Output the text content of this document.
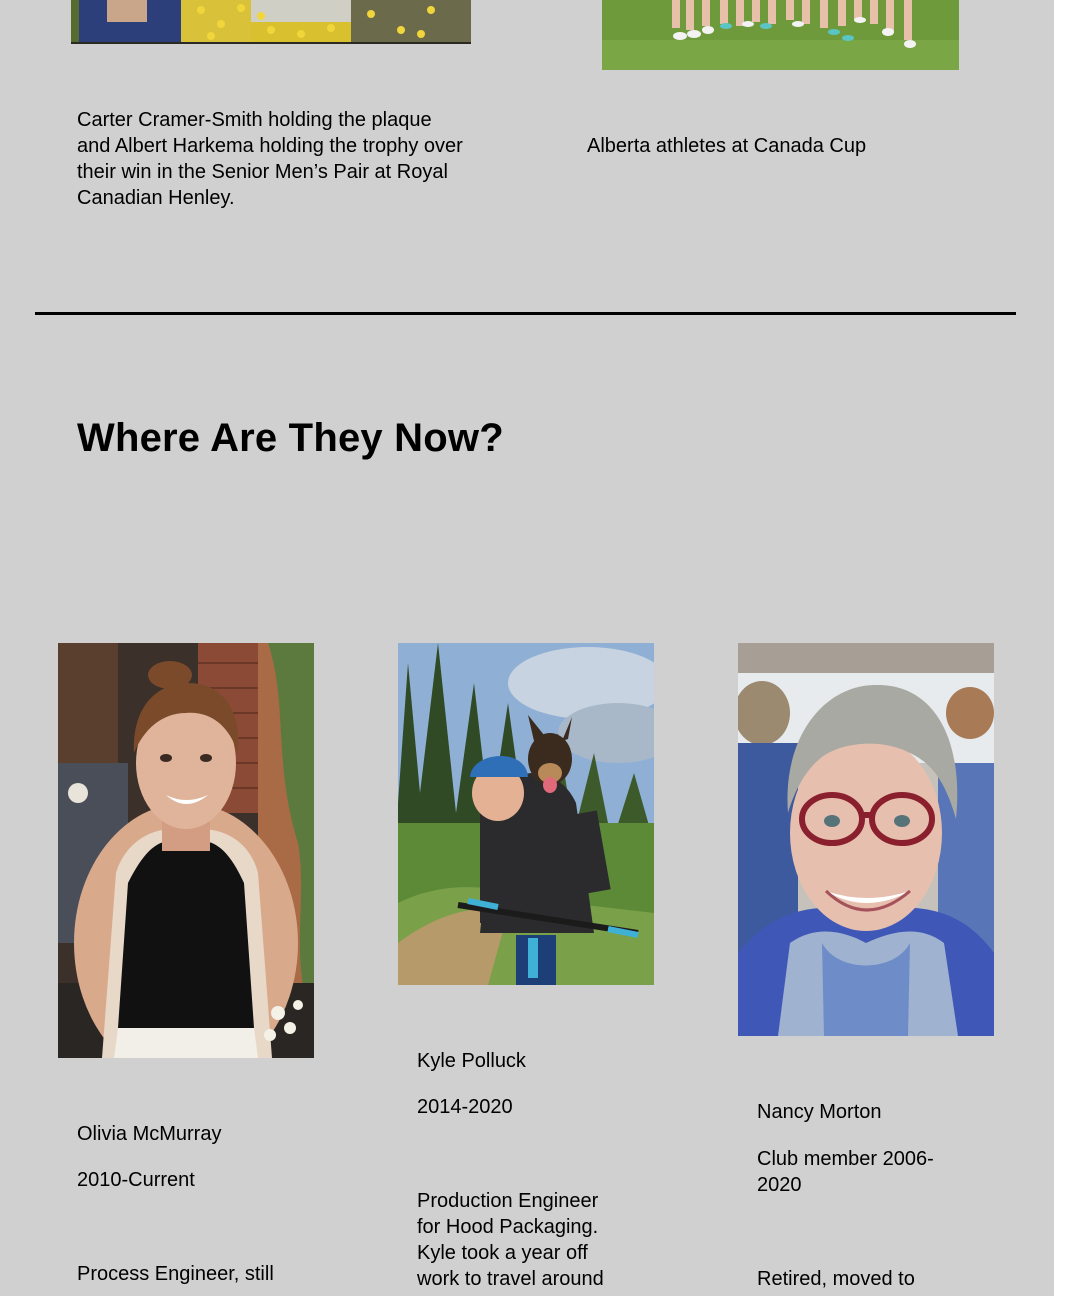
Carter Cramer-Smith holding the plaque and Albert Harkema holding the trophy over their win in the Senior Men’s Pair at Royal Canadian Henley.
Alberta athletes at Canada Cup
Where Are They Now?
Olivia McMurray
2010-Current
Process Engineer, still
Kyle Polluck
2014-2020
Production Engineer for Hood Packaging. Kyle took a year off work to travel around
Nancy Morton
Club member 2006-2020
Retired, moved to
